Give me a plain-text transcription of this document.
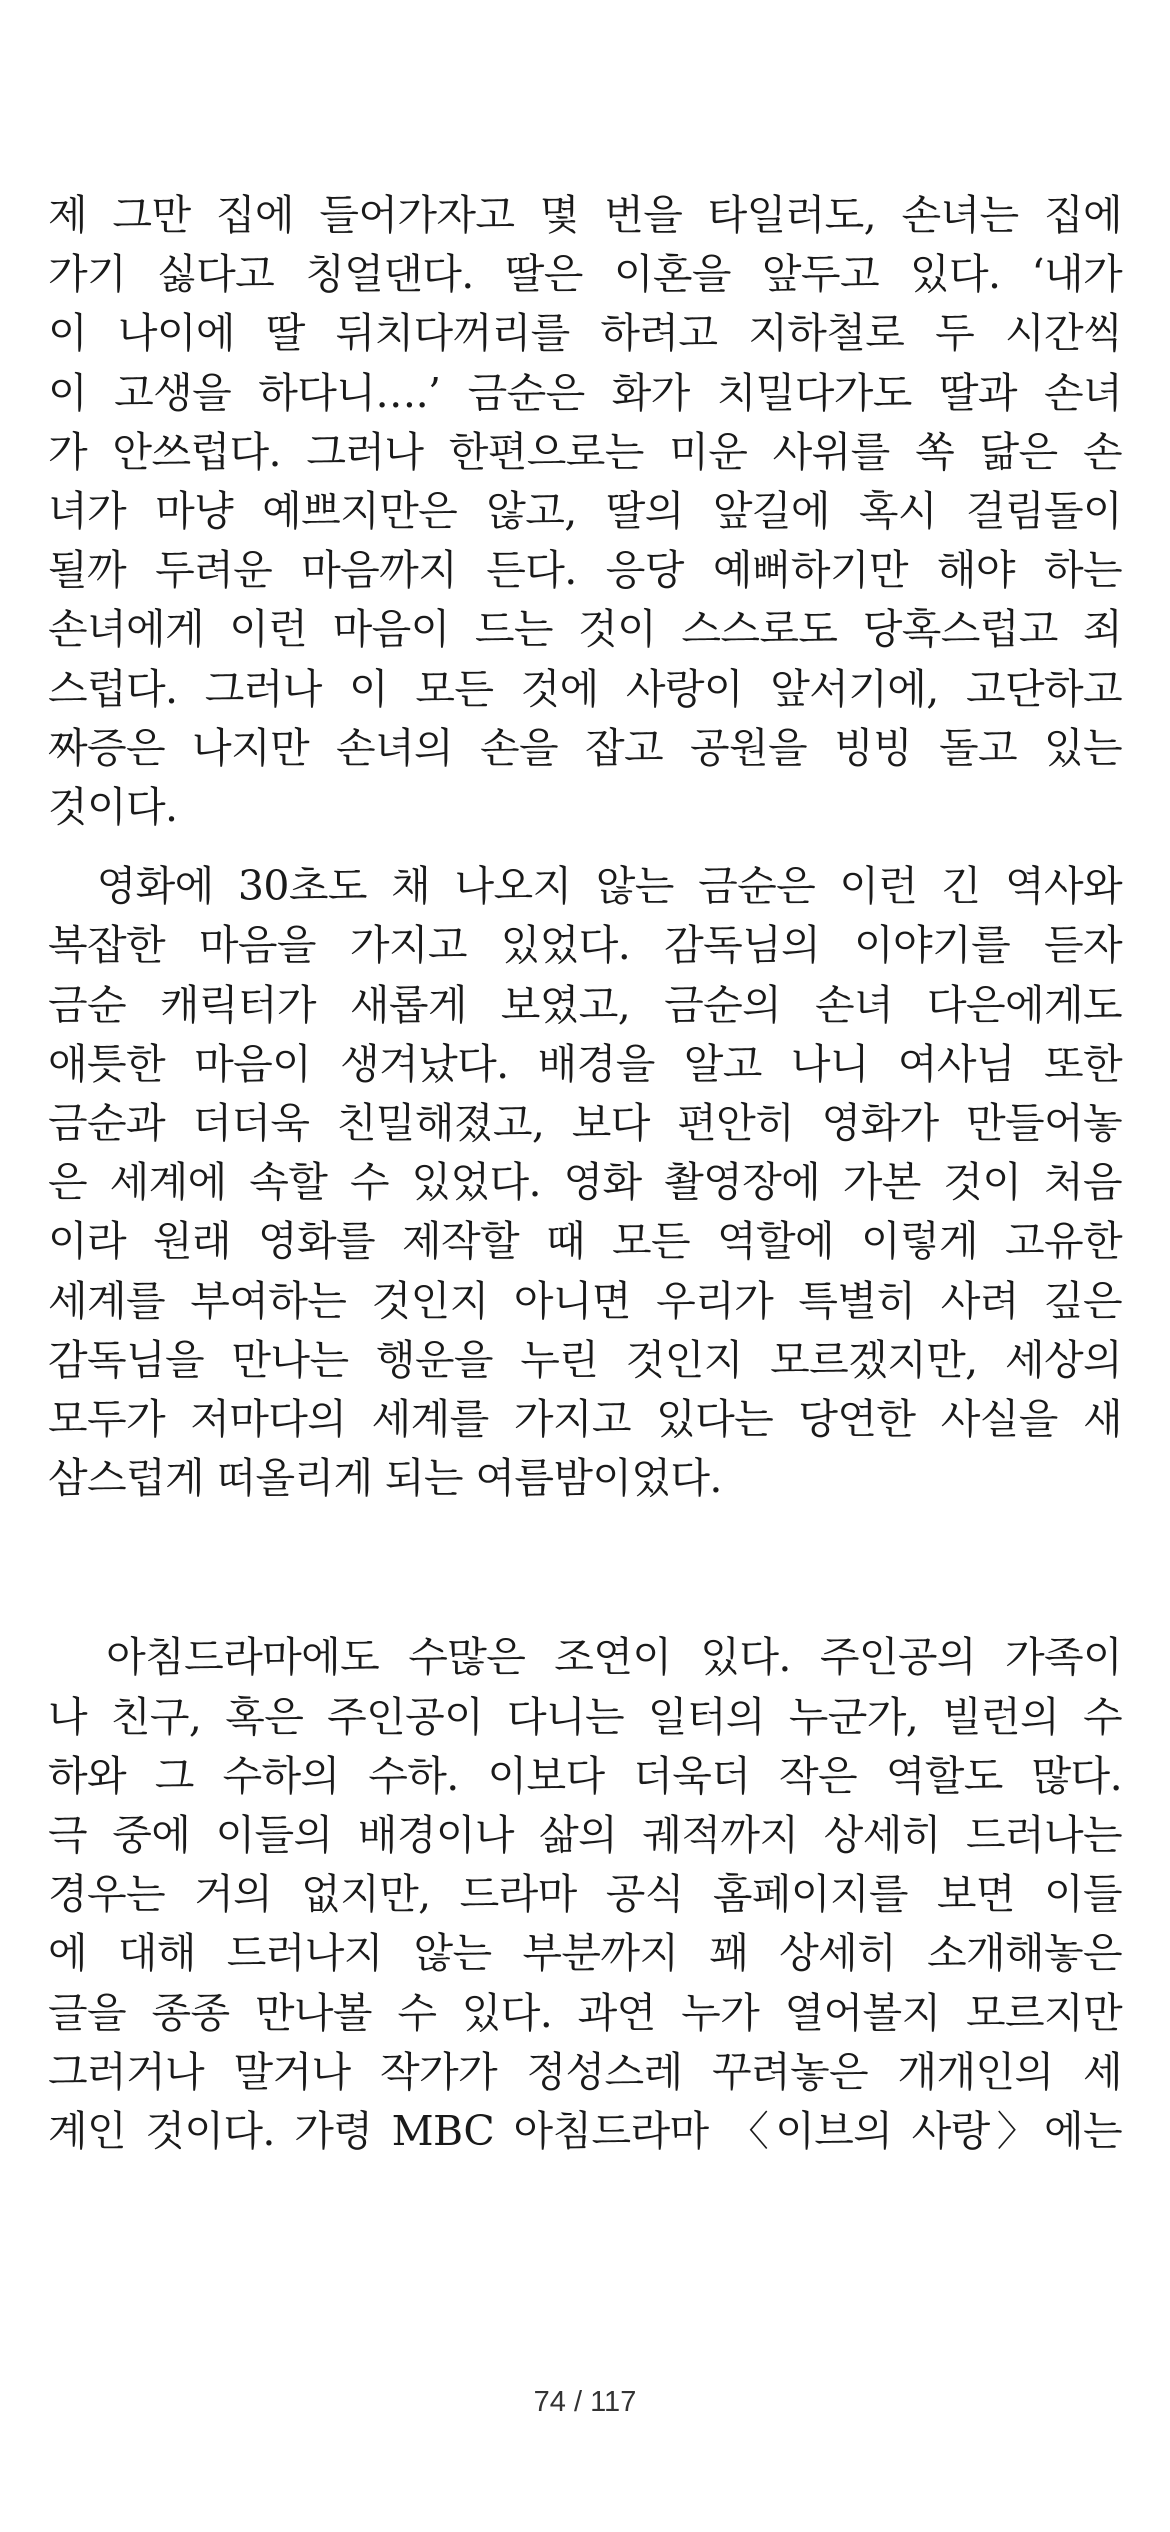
제 그만 집에 들어가자고 몇 번을 타일러도, 손녀는 집에
가기 싫다고 칭얼댄다. 딸은 이혼을 앞두고 있다. ‘내가
이 나이에 딸 뒤치다꺼리를 하려고 지하철로 두 시간씩
이 고생을 하다니….’ 금순은 화가 치밀다가도 딸과 손녀
가 안쓰럽다. 그러나 한편으로는 미운 사위를 쏙 닮은 손
녀가 마냥 예쁘지만은 않고, 딸의 앞길에 혹시 걸림돌이
될까 두려운 마음까지 든다. 응당 예뻐하기만 해야 하는
손녀에게 이런 마음이 드는 것이 스스로도 당혹스럽고 죄
스럽다. 그러나 이 모든 것에 사랑이 앞서기에, 고단하고
짜증은 나지만 손녀의 손을 잡고 공원을 빙빙 돌고 있는
것이다.

영화에 30초도 채 나오지 않는 금순은 이런 긴 역사와
복잡한 마음을 가지고 있었다. 감독님의 이야기를 듣자
금순 캐릭터가 새롭게 보였고, 금순의 손녀 다은에게도
애틋한 마음이 생겨났다. 배경을 알고 나니 여사님 또한
금순과 더더욱 친밀해졌고, 보다 편안히 영화가 만들어놓
은 세계에 속할 수 있었다. 영화 촬영장에 가본 것이 처음
이라 원래 영화를 제작할 때 모든 역할에 이렇게 고유한
세계를 부여하는 것인지 아니면 우리가 특별히 사려 깊은
감독님을 만나는 행운을 누린 것인지 모르겠지만, 세상의
모두가 저마다의 세계를 가지고 있다는 당연한 사실을 새
삼스럽게 떠올리게 되는 여름밤이었다.

아침드라마에도 수많은 조연이 있다. 주인공의 가족이
나 친구, 혹은 주인공이 다니는 일터의 누군가, 빌런의 수
하와 그 수하의 수하. 이보다 더욱더 작은 역할도 많다.
극 중에 이들의 배경이나 삶의 궤적까지 상세히 드러나는
경우는 거의 없지만, 드라마 공식 홈페이지를 보면 이들
에 대해 드러나지 않는 부분까지 꽤 상세히 소개해놓은
글을 종종 만나볼 수 있다. 과연 누가 열어볼지 모르지만
그러거나 말거나 작가가 정성스레 꾸려놓은 개개인의 세
계인 것이다. 가령 MBC 아침드라마 〈이브의 사랑〉에는

74 / 117
